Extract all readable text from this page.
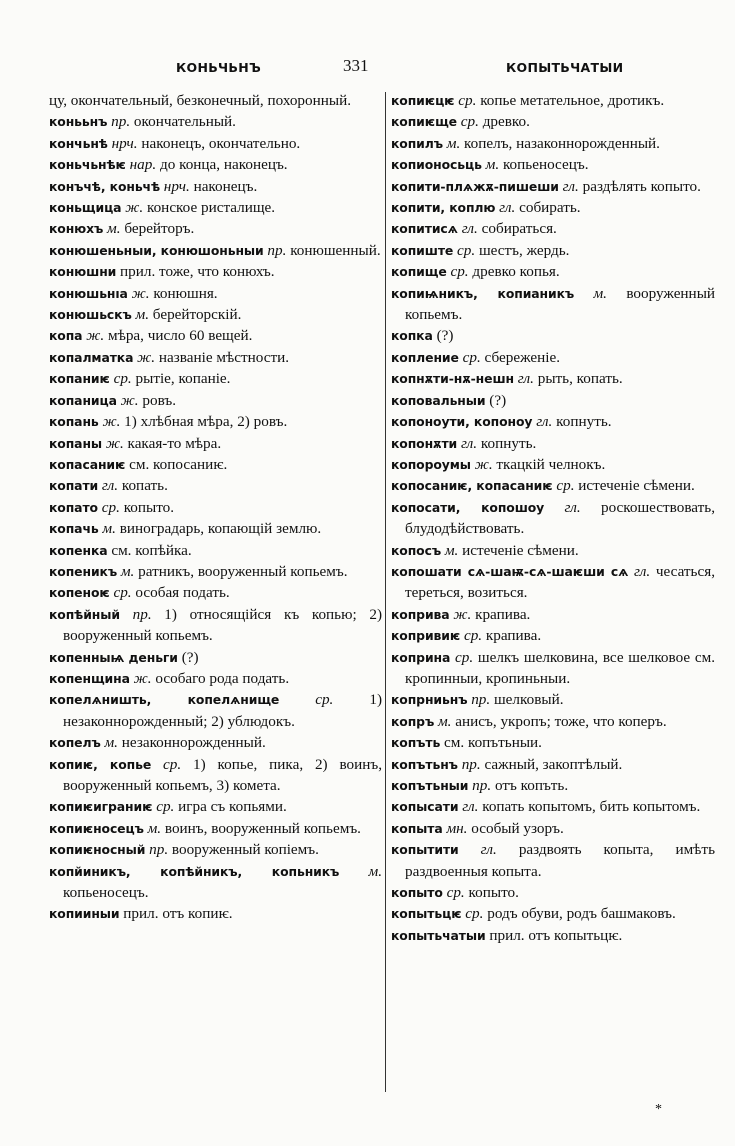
КОНЬЧЬНЪ	331	КОПЫТЬЧАТЫИ

цу, окончательный, безконечный, похоронный.

конььнъ пр. окончательный.

кончьнѣ нрч. наконецъ, окончательно.

коньчьнѣѥ нар. до конца, наконецъ.

конъчѣ, коньчѣ нрч. наконецъ.

коньщица ж. конское ристалище.

конюхъ м. берейторъ.

конюшеньныи, конюшоньныи пр. конюшенный.

конюшни прил. тоже, что конюхъ.

конюшьнıа ж. конюшня.

конюшьскъ м. берейторскій.

копа ж. мѣра, число 60 вещей.

копалматка ж. названіе мѣстности.

копаниѥ ср. рытіе, копаніе.

копаница ж. ровъ.

копань ж. 1) хлѣбная мѣра, 2) ровъ.

копаны ж. какая-то мѣра.

копасаниѥ см. копосаниѥ.

копати гл. копать.

копато ср. копыто.

копачь м. виноградарь, копающій землю.

копенка см. копѣйка.

копеникъ м. ратникъ, вооруженный копьемъ.

копеноѥ ср. особая подать.

копѣйный пр. 1) относящійся къ копью; 2) вооруженный копьемъ.

копенныѩ деньги (?)

копенщина ж. особаго рода подать.

копелѧништь, копелѧнище ср. 1) незаконнорожденный; 2) ублюдокъ.

копелъ м. незаконнорожденный.

копиѥ, копье ср. 1) копье, пика, 2) воинъ, вооруженный копьемъ, 3) комета.

копиѥиграниѥ ср. игра съ копьями.

копиѥносецъ м. воинъ, вооруженный копьемъ.

копиѥносный пр. вооруженный копіемъ.

копйиникъ, копѣйникъ, копьникъ м. копьеносецъ.

копииныи прил. отъ копиѥ.

копиѥцѥ ср. копье метательное, дротикъ.

копиѥще ср. древко.

копилъ м. копелъ, назаконнорожденный.

копионосьць м. копьеносецъ.

копити-плѧжѫ-пишеши гл. раздѣлять копыто.

копити, коплю гл. собирать.

копитисѧ гл. собираться.

копиште ср. шестъ, жердь.

копище ср. древко копья.

копиѩникъ, копианикъ м. вооруженный копьемъ.

копка (?)

копление ср. сбереженіе.

копнѫти-нѫ-нешн гл. рыть, копать.

коповальныи (?)

копоноути, копоноу гл. копнуть.

копонѫти гл. копнуть.

копороумы ж. ткацкій челнокъ.

копосаниѥ, копасаниѥ ср. истеченіе сѣмени.

копосати, копошоу гл. роскошествовать, блудодѣйствовать.

копосъ м. истеченіе сѣмени.

копошати сѧ-шаѭ-сѧ-шаѥши сѧ гл. чесаться, тереться, возиться.

коприва ж. крапива.

копривиѥ ср. крапива.

коприна ср. шелкъ шелковина, все шелковое см. кропинныи, кропиньныи.

копрниьнъ пр. шелковый.

копръ м. анисъ, укропъ; тоже, что коперъ.

копъть см. копътьныи.

копътьнъ пр. сажный, закоптѣлый.

копътьныи пр. отъ копъть.

копысати гл. копать копытомъ, бить копытомъ.

копыта мн. особый узоръ.

копытити гл. раздвоять копыта, имѣть раздвоенныя копыта.

копыто ср. копыто.

копытьцѥ ср. родъ обуви, родъ башмаковъ.

копытьчатыи прил. отъ копытьцѥ.

*
